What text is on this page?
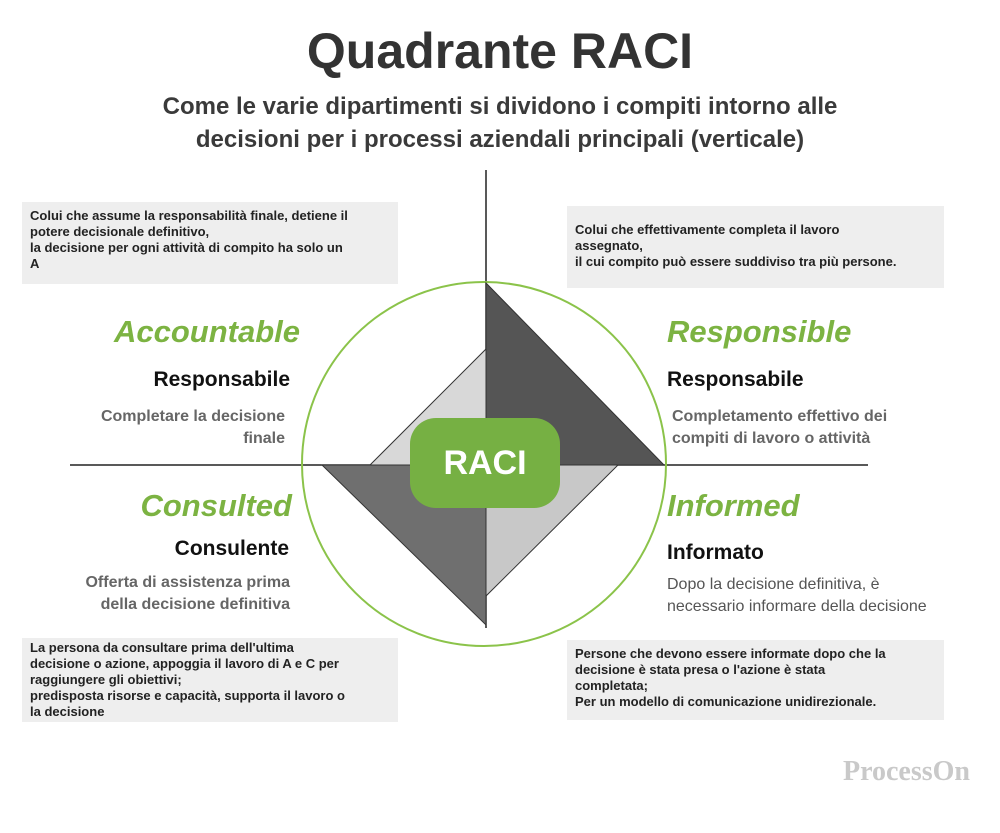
Quadrante RACI
Come le varie dipartimenti si dividono i compiti intorno alle
decisioni per i processi aziendali principali (verticale)
RACI
Colui che assume la responsabilità finale, detiene il
potere decisionale definitivo,
la decisione per ogni attività di compito ha solo un
A
Accountable
Responsabile
Completare la decisione
finale
Colui che effettivamente completa il lavoro
assegnato,
il cui compito può essere suddiviso tra più persone.
Responsible
Responsabile
Completamento effettivo dei
compiti di lavoro o attività
Consulted
Consulente
Offerta di assistenza prima
della decisione definitiva
La persona da consultare prima dell'ultima
decisione o azione, appoggia il lavoro di A e C per
raggiungere gli obiettivi;
predisposta risorse e capacità, supporta il lavoro o
la decisione
Informed
Informato
Dopo la decisione definitiva, è
necessario informare della decisione
Persone che devono essere informate dopo che la
decisione è stata presa o l'azione è stata
completata;
Per un modello di comunicazione unidirezionale.
ProcessOn
